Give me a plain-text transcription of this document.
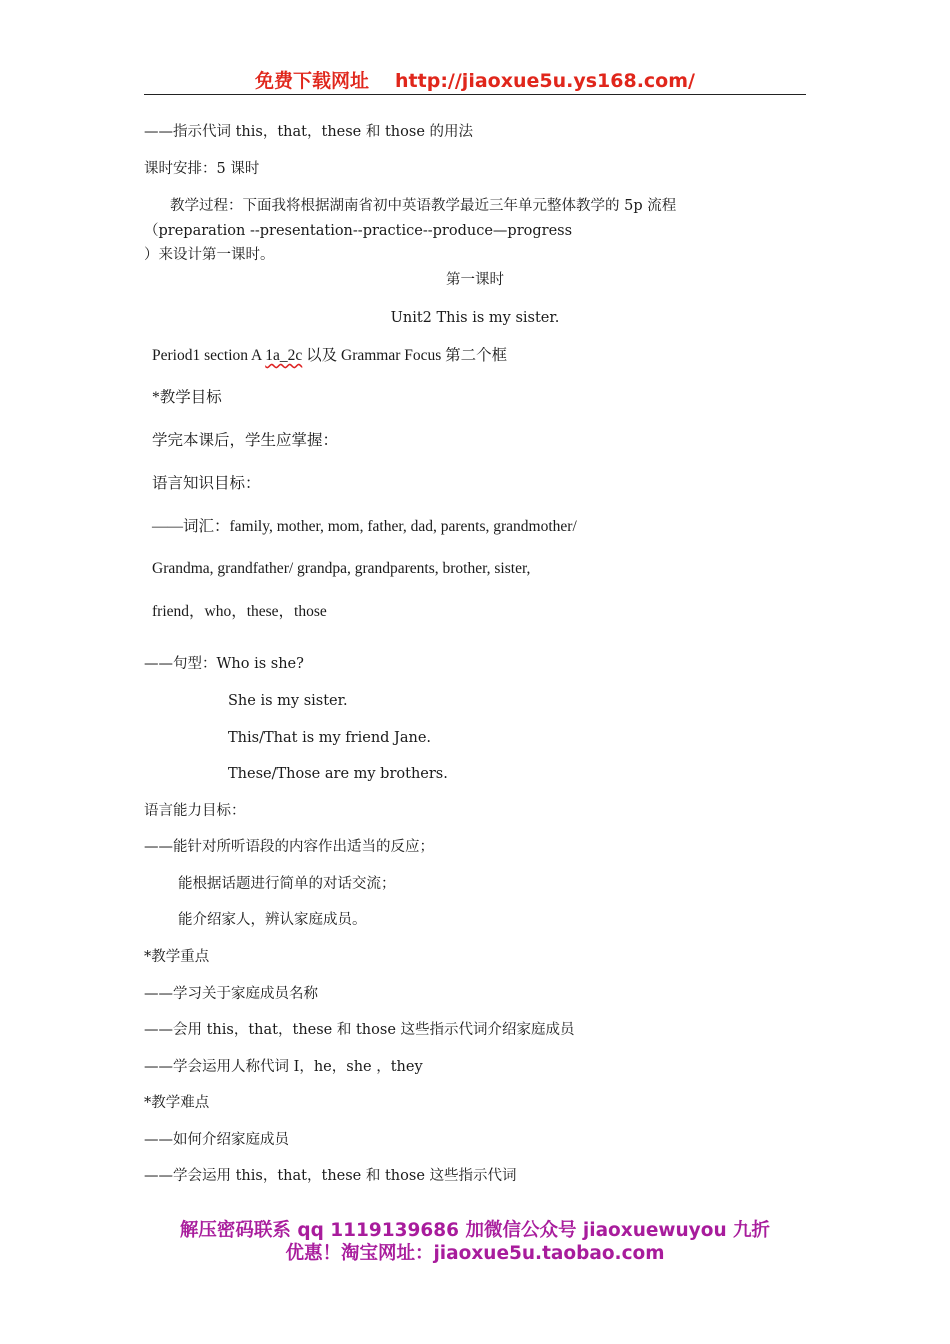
免费下载网址 http://jiaoxue5u.ys168.com/
——指示代词 this，that，these 和 those 的用法
课时安排：5 课时
教学过程：下面我将根据湖南省初中英语教学最近三年单元整体教学的 5p 流程
（preparation --presentation--practice--produce—progress
）来设计第一课时。
第一课时
Unit2 This is my sister.
Period1 section A 1a_2c 以及 Grammar Focus 第二个框
*教学目标
学完本课后，学生应掌握：
语言知识目标：
——词汇：family, mother, mom, father, dad, parents, grandmother/
Grandma, grandfather/ grandpa, grandparents, brother, sister,
friend，who，these，those
——句型：Who is she?
She is my sister.
This/That is my friend Jane.
These/Those are my brothers.
语言能力目标：
——能针对所听语段的内容作出适当的反应；
能根据话题进行简单的对话交流；
能介绍家人，辨认家庭成员。
*教学重点
——学习关于家庭成员名称
——会用 this，that，these 和 those 这些指示代词介绍家庭成员
——学会运用人称代词 I，he，she ，they
*教学难点
——如何介绍家庭成员
——学会运用 this，that，these 和 those 这些指示代词
解压密码联系 qq 1119139686 加微信公众号 jiaoxuewuyou 九折
优惠！淘宝网址：jiaoxue5u.taobao.com
